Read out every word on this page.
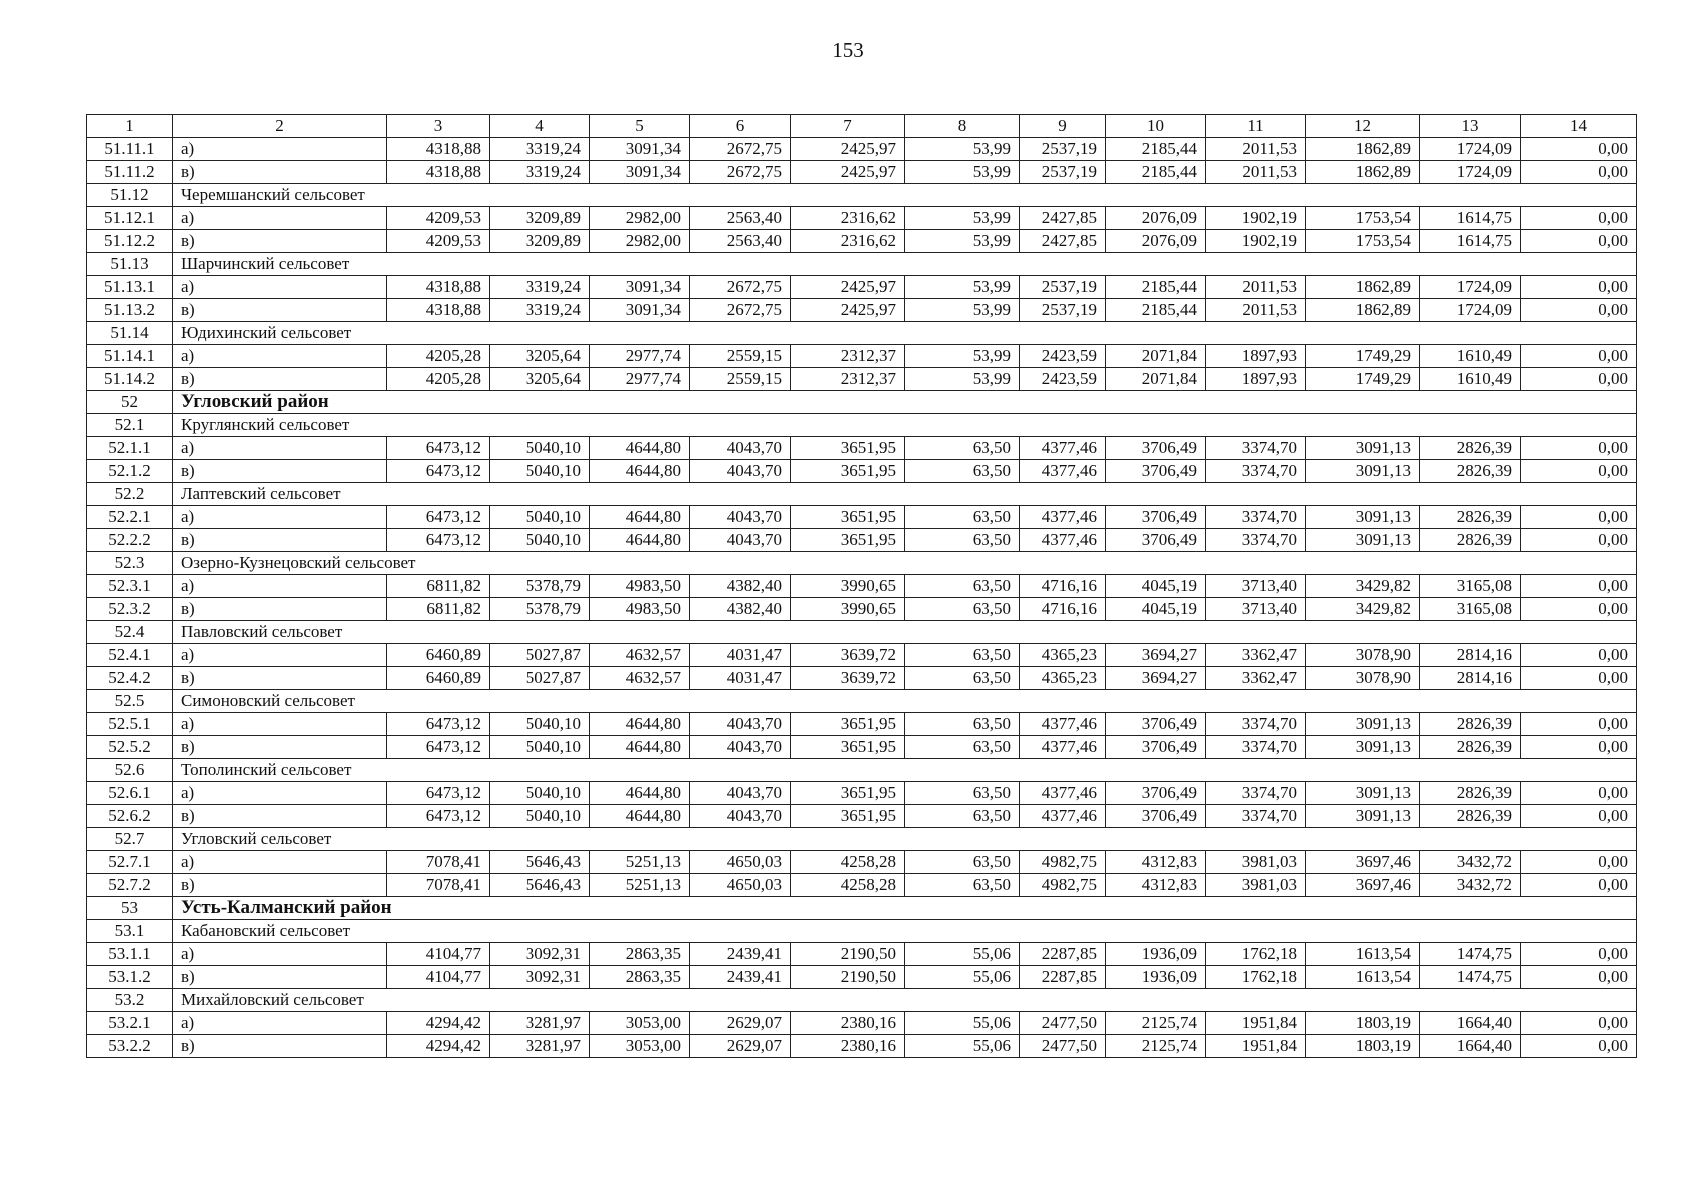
153
1	2	3	4	5	6	7	8	9	10	11	12	13	14
51.11.1	а)	4318,88	3319,24	3091,34	2672,75	2425,97	53,99	2537,19	2185,44	2011,53	1862,89	1724,09	0,00
51.11.2	в)	4318,88	3319,24	3091,34	2672,75	2425,97	53,99	2537,19	2185,44	2011,53	1862,89	1724,09	0,00
51.12	Черемшанский сельсовет												
51.12.1	а)	4209,53	3209,89	2982,00	2563,40	2316,62	53,99	2427,85	2076,09	1902,19	1753,54	1614,75	0,00
51.12.2	в)	4209,53	3209,89	2982,00	2563,40	2316,62	53,99	2427,85	2076,09	1902,19	1753,54	1614,75	0,00
51.13	Шарчинский сельсовет												
51.13.1	а)	4318,88	3319,24	3091,34	2672,75	2425,97	53,99	2537,19	2185,44	2011,53	1862,89	1724,09	0,00
51.13.2	в)	4318,88	3319,24	3091,34	2672,75	2425,97	53,99	2537,19	2185,44	2011,53	1862,89	1724,09	0,00
51.14	Юдихинский сельсовет												
51.14.1	а)	4205,28	3205,64	2977,74	2559,15	2312,37	53,99	2423,59	2071,84	1897,93	1749,29	1610,49	0,00
51.14.2	в)	4205,28	3205,64	2977,74	2559,15	2312,37	53,99	2423,59	2071,84	1897,93	1749,29	1610,49	0,00
52	Угловский район												
52.1	Круглянский сельсовет												
52.1.1	а)	6473,12	5040,10	4644,80	4043,70	3651,95	63,50	4377,46	3706,49	3374,70	3091,13	2826,39	0,00
52.1.2	в)	6473,12	5040,10	4644,80	4043,70	3651,95	63,50	4377,46	3706,49	3374,70	3091,13	2826,39	0,00
52.2	Лаптевский сельсовет												
52.2.1	а)	6473,12	5040,10	4644,80	4043,70	3651,95	63,50	4377,46	3706,49	3374,70	3091,13	2826,39	0,00
52.2.2	в)	6473,12	5040,10	4644,80	4043,70	3651,95	63,50	4377,46	3706,49	3374,70	3091,13	2826,39	0,00
52.3	Озерно-Кузнецовский сельсовет												
52.3.1	а)	6811,82	5378,79	4983,50	4382,40	3990,65	63,50	4716,16	4045,19	3713,40	3429,82	3165,08	0,00
52.3.2	в)	6811,82	5378,79	4983,50	4382,40	3990,65	63,50	4716,16	4045,19	3713,40	3429,82	3165,08	0,00
52.4	Павловский сельсовет												
52.4.1	а)	6460,89	5027,87	4632,57	4031,47	3639,72	63,50	4365,23	3694,27	3362,47	3078,90	2814,16	0,00
52.4.2	в)	6460,89	5027,87	4632,57	4031,47	3639,72	63,50	4365,23	3694,27	3362,47	3078,90	2814,16	0,00
52.5	Симоновский сельсовет												
52.5.1	а)	6473,12	5040,10	4644,80	4043,70	3651,95	63,50	4377,46	3706,49	3374,70	3091,13	2826,39	0,00
52.5.2	в)	6473,12	5040,10	4644,80	4043,70	3651,95	63,50	4377,46	3706,49	3374,70	3091,13	2826,39	0,00
52.6	Тополинский сельсовет												
52.6.1	а)	6473,12	5040,10	4644,80	4043,70	3651,95	63,50	4377,46	3706,49	3374,70	3091,13	2826,39	0,00
52.6.2	в)	6473,12	5040,10	4644,80	4043,70	3651,95	63,50	4377,46	3706,49	3374,70	3091,13	2826,39	0,00
52.7	Угловский сельсовет												
52.7.1	а)	7078,41	5646,43	5251,13	4650,03	4258,28	63,50	4982,75	4312,83	3981,03	3697,46	3432,72	0,00
52.7.2	в)	7078,41	5646,43	5251,13	4650,03	4258,28	63,50	4982,75	4312,83	3981,03	3697,46	3432,72	0,00
53	Усть-Калманский район												
53.1	Кабановский сельсовет												
53.1.1	а)	4104,77	3092,31	2863,35	2439,41	2190,50	55,06	2287,85	1936,09	1762,18	1613,54	1474,75	0,00
53.1.2	в)	4104,77	3092,31	2863,35	2439,41	2190,50	55,06	2287,85	1936,09	1762,18	1613,54	1474,75	0,00
53.2	Михайловский сельсовет												
53.2.1	а)	4294,42	3281,97	3053,00	2629,07	2380,16	55,06	2477,50	2125,74	1951,84	1803,19	1664,40	0,00
53.2.2	в)	4294,42	3281,97	3053,00	2629,07	2380,16	55,06	2477,50	2125,74	1951,84	1803,19	1664,40	0,00
